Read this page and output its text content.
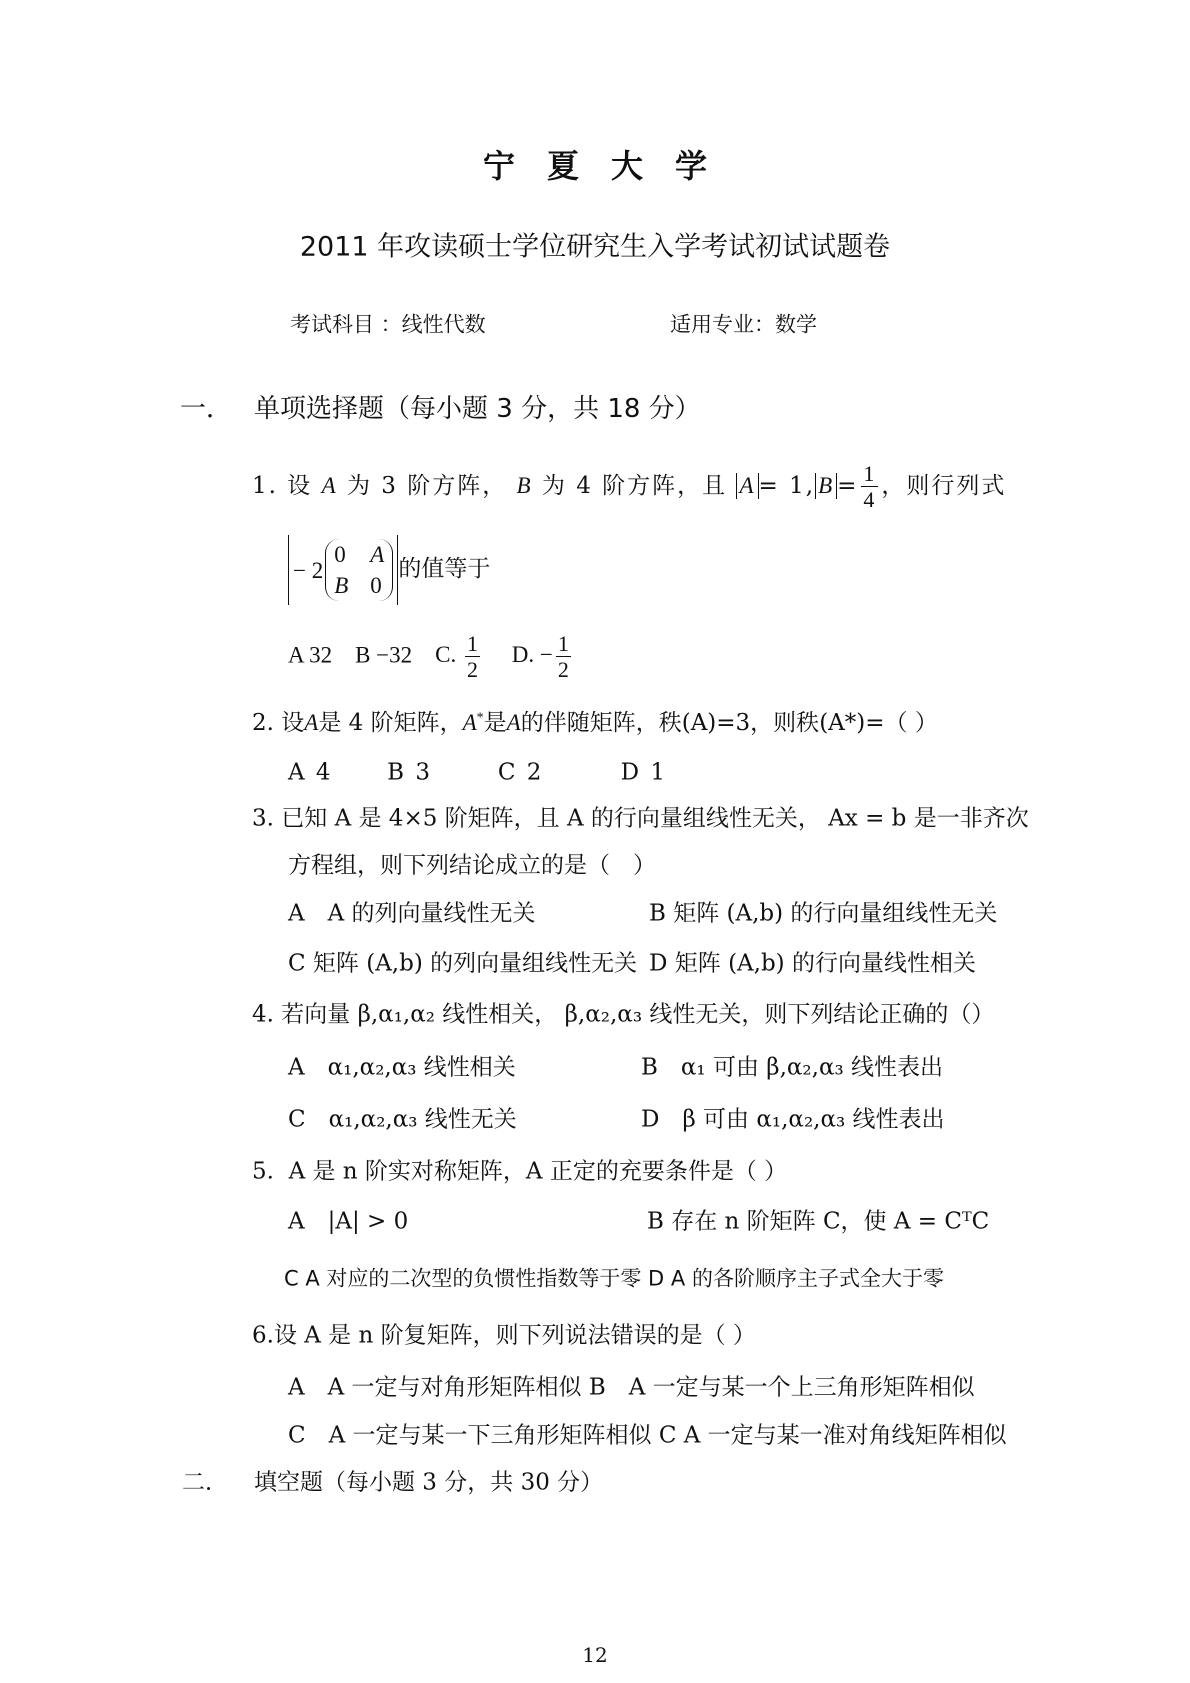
宁　夏　大　学
2011 年攻读硕士学位研究生入学考试初试试题卷
考试科目 ：线性代数	适用专业：数学
一． 单项选择题（每小题 3 分，共 18 分）
1. 设 A 为 3 阶方阵， B 为 4 阶方阵，且 A = 1, $B = \frac{1}{4}$ ，则行列式
− 2
0 A
B 0
的值等于
A 32 B −32 C. $\frac{1}{2} D$. − $\frac{1}{2}$
2. 设A是 4 阶矩阵，A*是A的伴随矩阵，秩(A)=3，则秩(A*)=（ ）
A 4 B 3	C 2	D 1
3. 已知 A 是 4×5 阶矩阵，且 A 的行向量组线性无关， Ax = b 是一非齐次
方程组，则下列结论成立的是（　）
A　A 的列向量线性无关	B 矩阵 (A,b) 的行向量组线性无关
C 矩阵 (A,b) 的列向量组线性无关 D 矩阵 (A,b) 的行向量线性相关
4. 若向量 β,α₁,α₂ 线性相关， β,α₂,α₃ 线性无关，则下列结论正确的（）
A　α₁,α₂,α₃ 线性相关	B　α₁ 可由 β,α₂,α₃ 线性表出
C　α₁,α₂,α₃ 线性无关	D　β 可由 α₁,α₂,α₃ 线性表出
5. A 是 n 阶实对称矩阵，A 正定的充要条件是（ ）
A　|A| > 0	B 存在 n 阶矩阵 C，使 A = CᵀC
C A 对应的二次型的负惯性指数等于零 D A 的各阶顺序主子式全大于零
6.设 A 是 n 阶复矩阵，则下列说法错误的是（ ）
A　A 一定与对角形矩阵相似 B　A 一定与某一个上三角形矩阵相似
C　A 一定与某一下三角形矩阵相似 C A 一定与某一准对角线矩阵相似
二． 填空题（每小题 3 分，共 30 分）
12
